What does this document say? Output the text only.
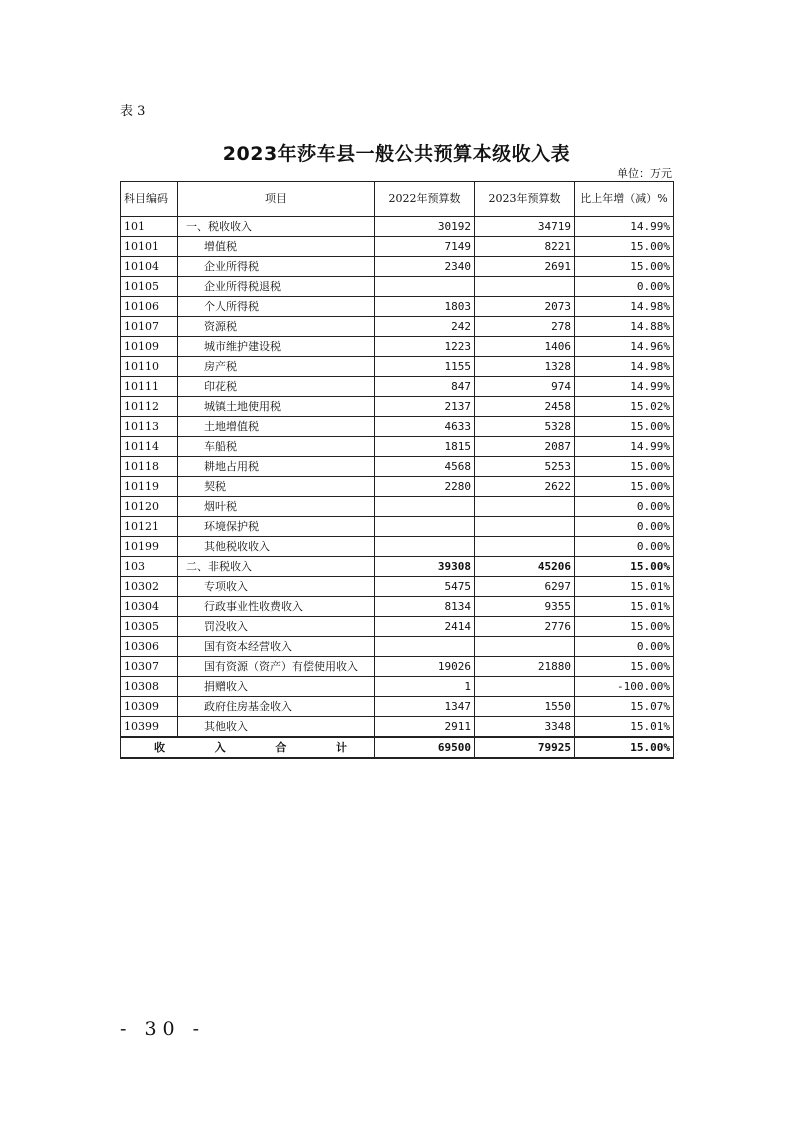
表 3
2023年莎车县一般公共预算本级收入表
单位：万元
科目编码	项目	2022年预算数	2023年预算数	比上年增（减）%
101	一、税收收入	30192	34719	14.99%
10101	增值税	7149	8221	15.00%
10104	企业所得税	2340	2691	15.00%
10105	企业所得税退税			0.00%
10106	个人所得税	1803	2073	14.98%
10107	资源税	242	278	14.88%
10109	城市维护建设税	1223	1406	14.96%
10110	房产税	1155	1328	14.98%
10111	印花税	847	974	14.99%
10112	城镇土地使用税	2137	2458	15.02%
10113	土地增值税	4633	5328	15.00%
10114	车船税	1815	2087	14.99%
10118	耕地占用税	4568	5253	15.00%
10119	契税	2280	2622	15.00%
10120	烟叶税			0.00%
10121	环境保护税			0.00%
10199	其他税收收入			0.00%
103	二、非税收入	39308	45206	15.00%
10302	专项收入	5475	6297	15.01%
10304	行政事业性收费收入	8134	9355	15.01%
10305	罚没收入	2414	2776	15.00%
10306	国有资本经营收入			0.00%
10307	国有资源（资产）有偿使用收入	19026	21880	15.00%
10308	捐赠收入	1		-100.00%
10309	政府住房基金收入	1347	1550	15.07%
10399	其他收入	2911	3348	15.01%

收 入 合 计		69500	79925	15.00%
- 30 -
